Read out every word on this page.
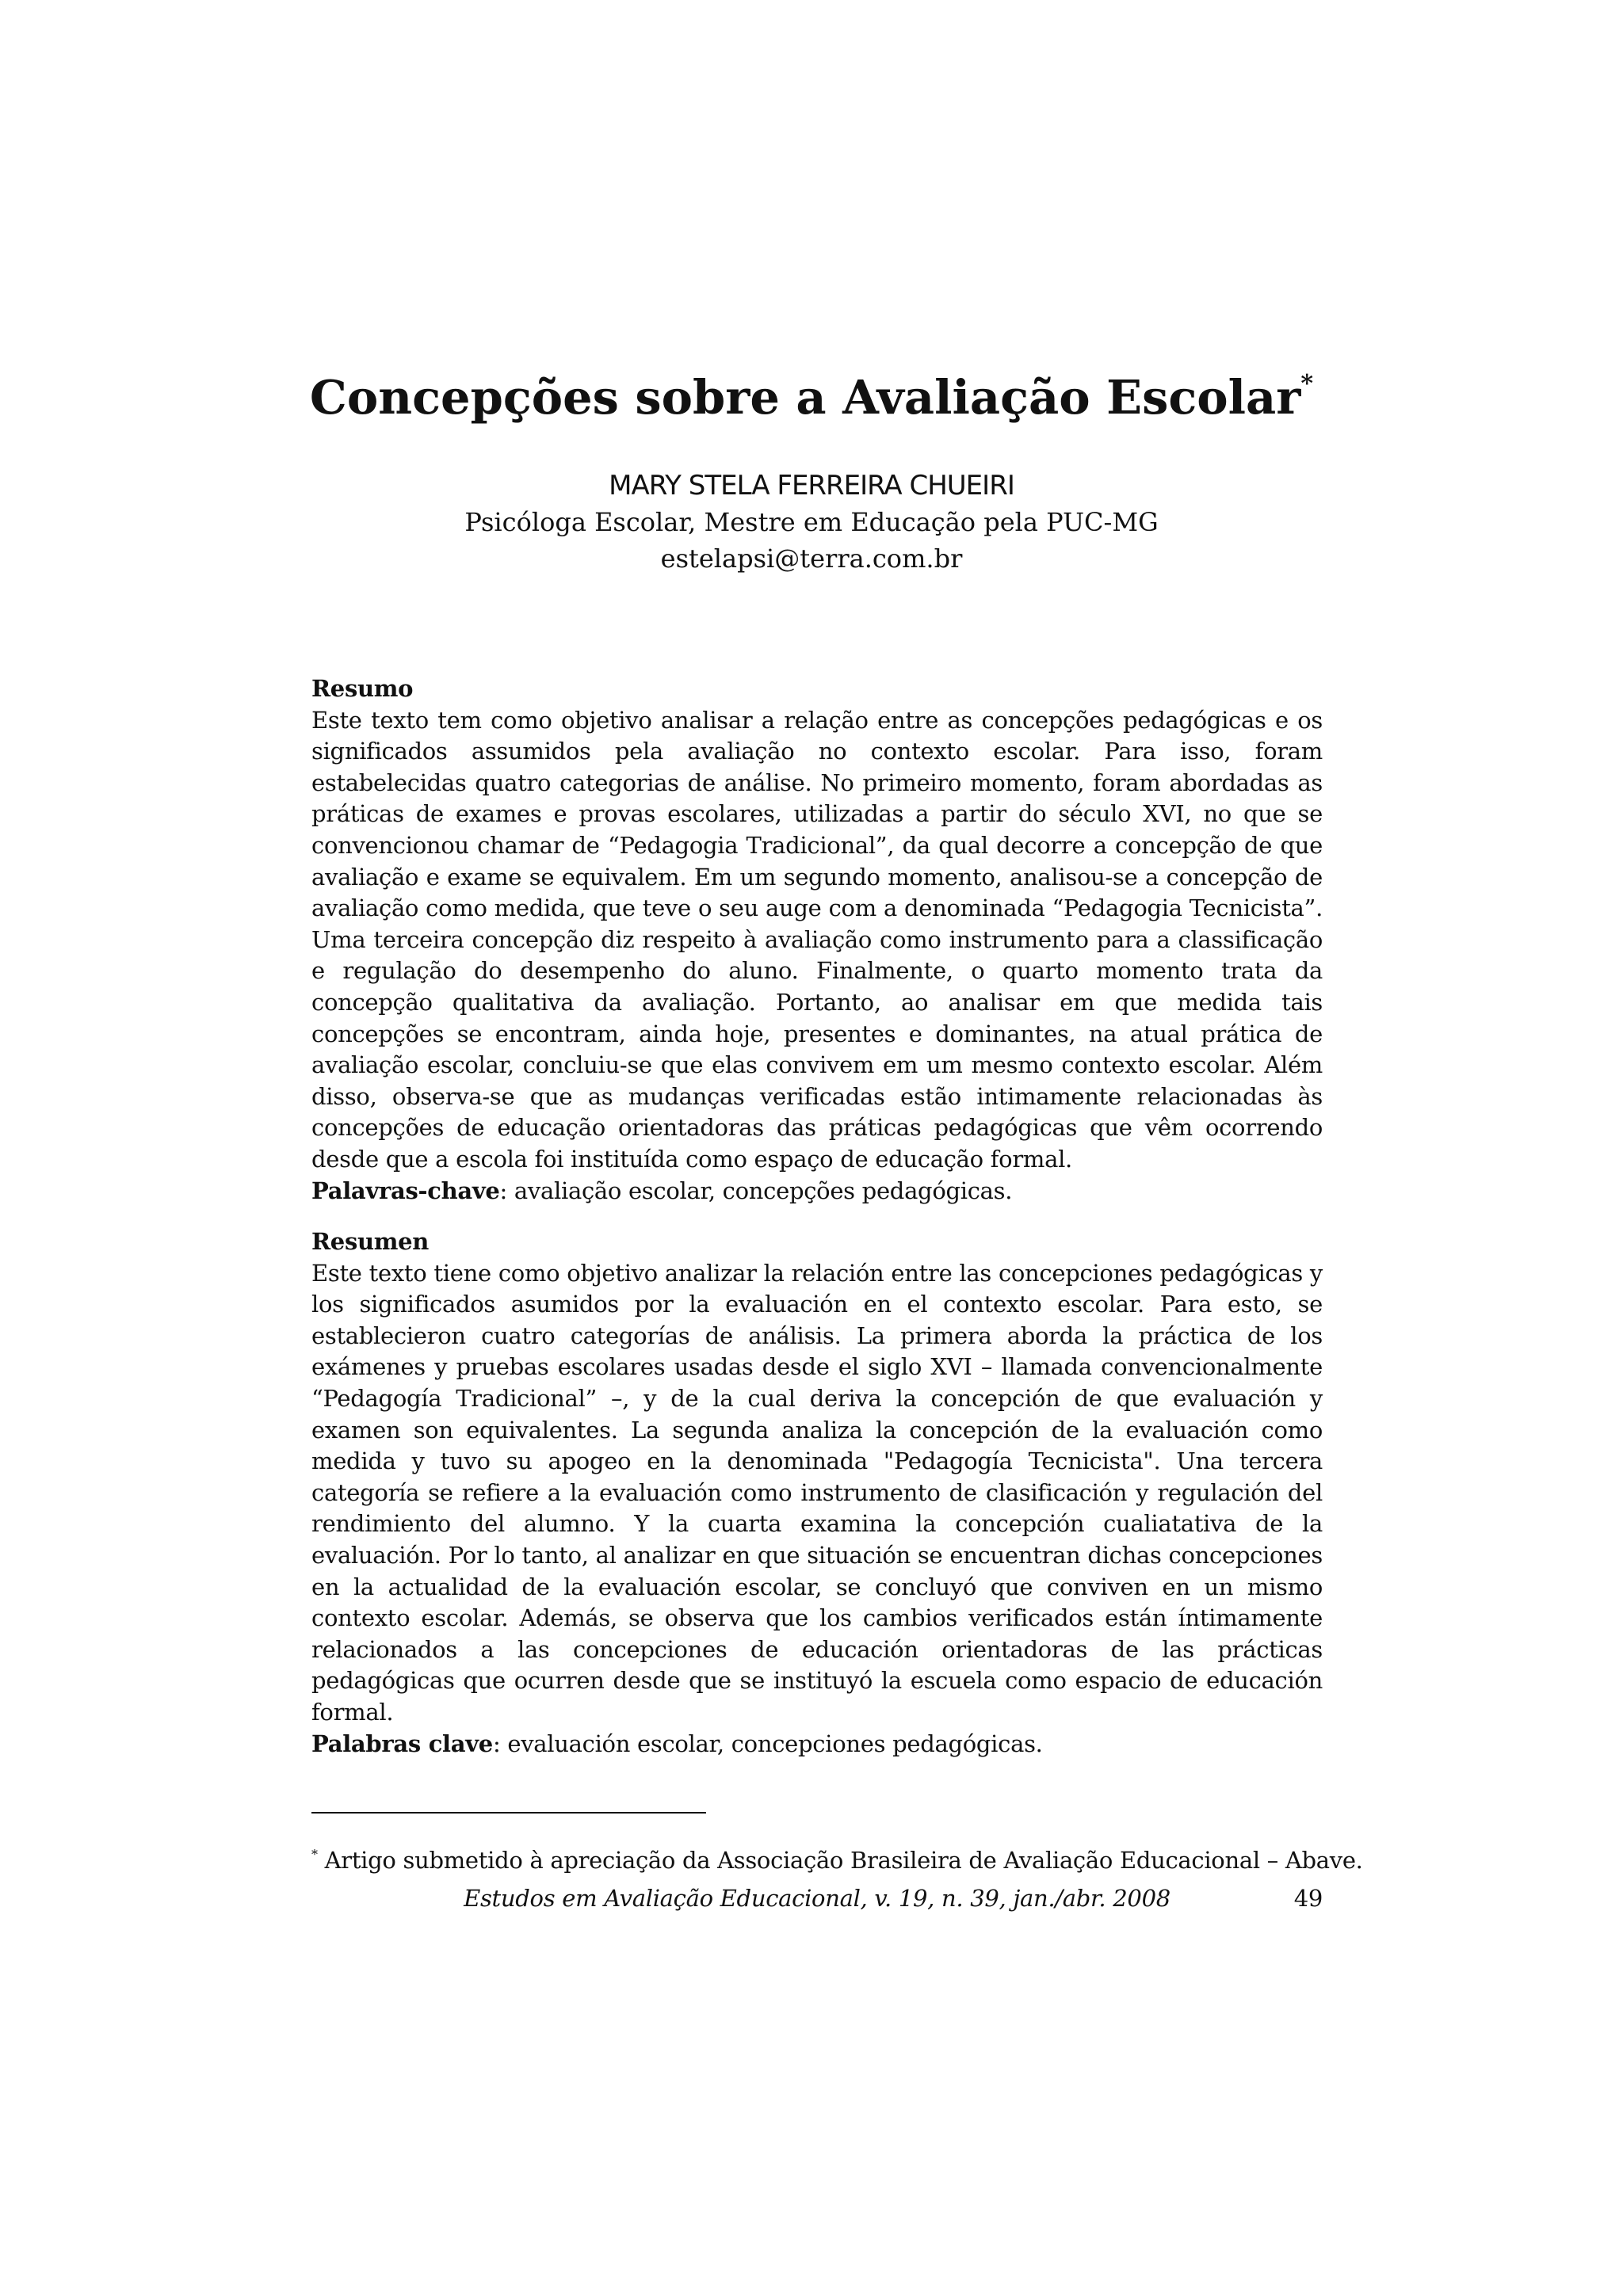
Concepções sobre a Avaliação Escolar*
MARY STELA FERREIRA CHUEIRI
Psicóloga Escolar, Mestre em Educação pela PUC-MG
estelapsi@terra.com.br

Resumo

Este texto tem como objetivo analisar a relação entre as concepções pedagógicas e os significados assumidos pela avaliação no contexto escolar. Para isso, foram estabelecidas quatro categorias de análise. No primeiro momento, foram abordadas as práticas de exames e provas escolares, utilizadas a partir do século XVI, no que se convencionou chamar de “Pedagogia Tradicional”, da qual decorre a concepção de que avaliação e exame se equivalem. Em um segundo momento, analisou-se a concepção de avaliação como medida, que teve o seu auge com a denominada “Pedagogia Tecnicista”. Uma terceira concepção diz respeito à avaliação como instrumento para a classificação e regulação do desempenho do aluno. Finalmente, o quarto momento trata da concepção qualitativa da avaliação. Portanto, ao analisar em que medida tais concepções se encontram, ainda hoje, presentes e dominantes, na atual prática de avaliação escolar, concluiu-se que elas convivem em um mesmo contexto escolar. Além disso, observa-se que as mudanças verificadas estão intimamente relacionadas às concepções de educação orientadoras das práticas pedagógicas que vêm ocorrendo desde que a escola foi instituída como espaço de educação formal.

Palavras-chave: avaliação escolar, concepções pedagógicas.

Resumen

Este texto tiene como objetivo analizar la relación entre las concepciones pedagógicas y los significados asumidos por la evaluación en el contexto escolar. Para esto, se establecieron cuatro categorías de análisis. La primera aborda la práctica de los exámenes y pruebas escolares usadas desde el siglo XVI – llamada convencionalmente “Pedagogía Tradicional” –, y de la cual deriva la concepción de que evaluación y examen son equivalentes. La segunda analiza la concepción de la evaluación como medida y tuvo su apogeo en la denominada "Pedagogía Tecnicista". Una tercera categoría se refiere a la evaluación como instrumento de clasificación y regulación del rendimiento del alumno. Y la cuarta examina la concepción cualiatativa de la evaluación. Por lo tanto, al analizar en que situación se encuentran dichas concepciones en la actualidad de la evaluación escolar, se concluyó que conviven en un mismo contexto escolar. Además, se observa que los cambios verificados están íntimamente relacionados a las concepciones de educación orientadoras de las prácticas pedagógicas que ocurren desde que se instituyó la escuela como espacio de educación formal.

Palabras clave: evaluación escolar, concepciones pedagógicas.

* Artigo submetido à apreciação da Associação Brasileira de Avaliação Educacional – Abave.
Estudos em Avaliação Educacional, v. 19, n. 39, jan./abr. 2008	49
